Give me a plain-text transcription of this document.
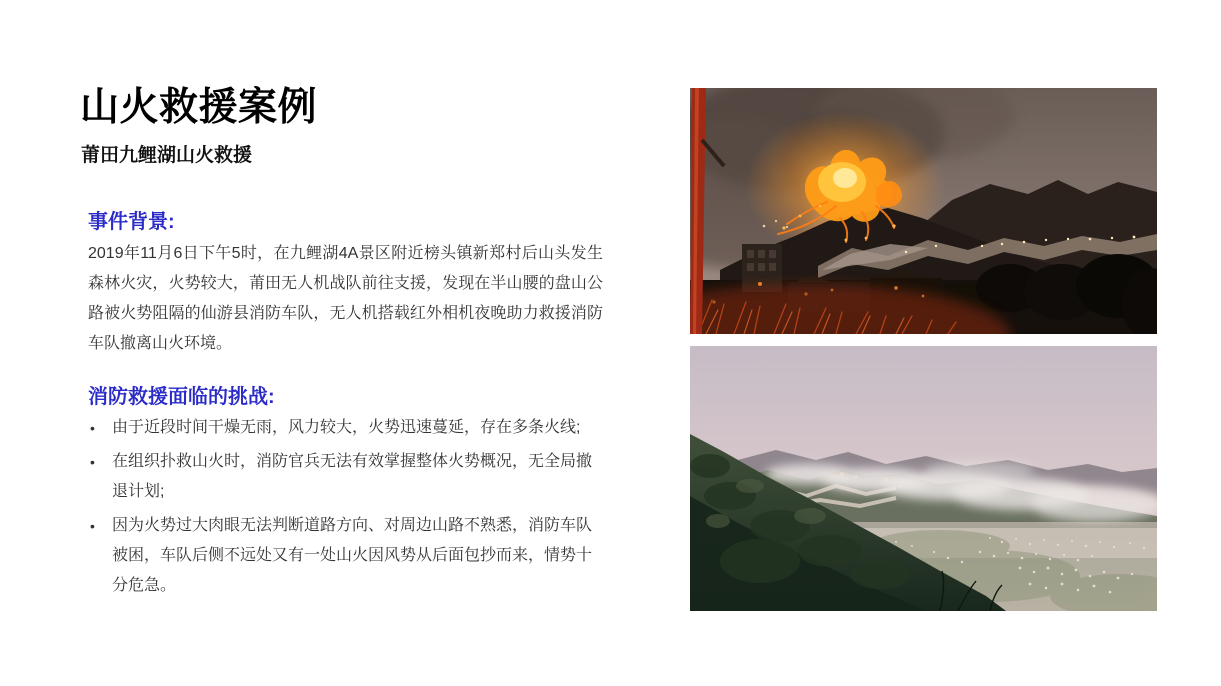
山火救援案例
莆田九鲤湖山火救援
事件背景:

2019年11月6日下午5时，在九鲤湖4A景区附近榜头镇新郑村后山头发生森林火灾，火势较大，莆田无人机战队前往支援，发现在半山腰的盘山公路被火势阻隔的仙游县消防车队，无人机搭载红外相机夜晚助力救援消防车队撤离山火环境。

消防救援面临的挑战:
• 由于近段时间干燥无雨，风力较大，火势迅速蔓延，存在多条火线;
• 在组织扑救山火时，消防官兵无法有效掌握整体火势概况，无全局撤退计划;
• 因为火势过大肉眼无法判断道路方向、对周边山路不熟悉，消防车队被困，车队后侧不远处又有一处山火因风势从后面包抄而来，情势十分危急。
